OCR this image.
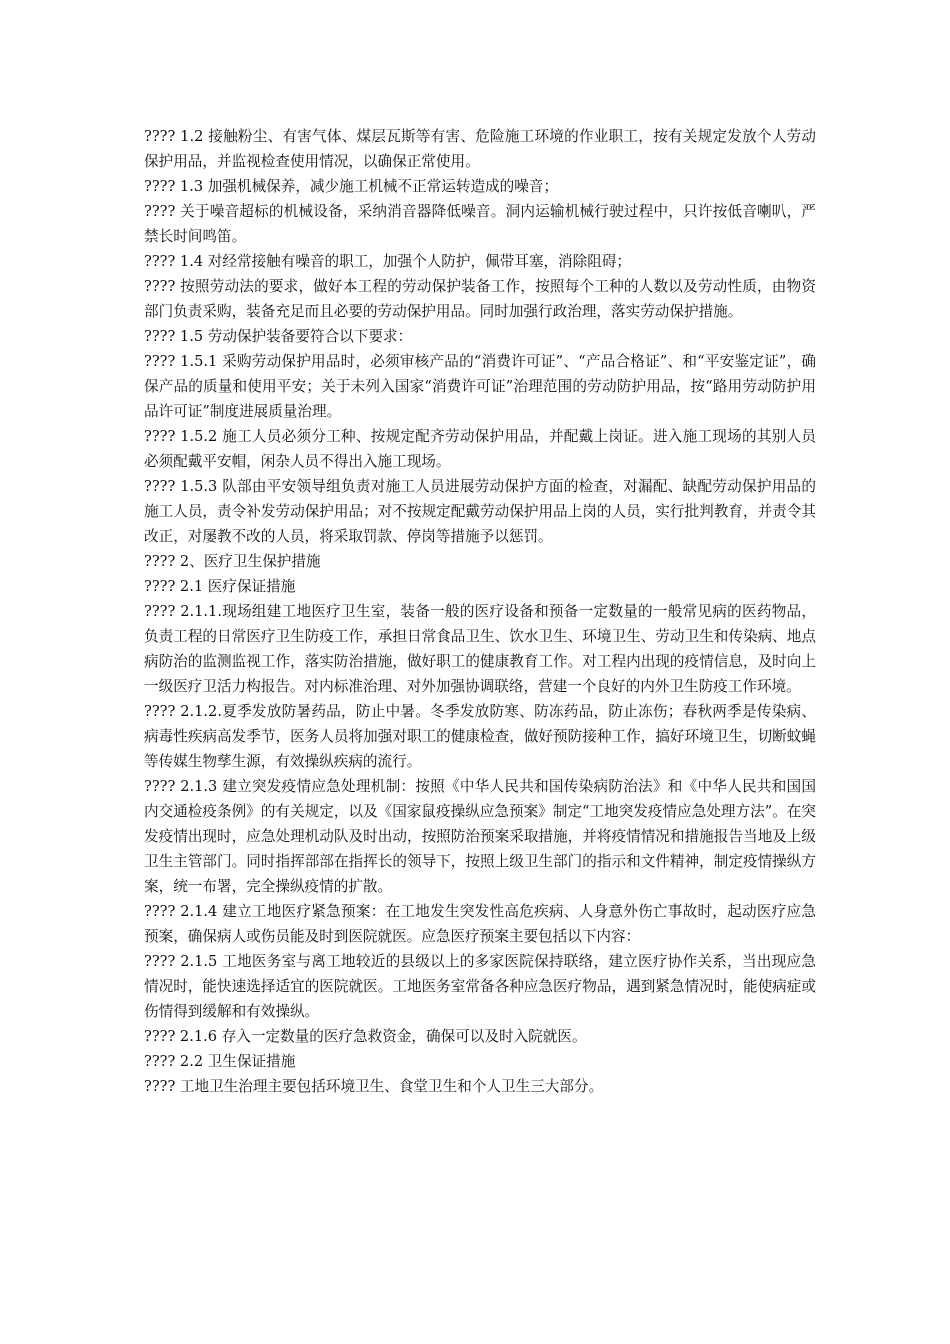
???? 1.2 接触粉尘、有害气体、煤层瓦斯等有害、危险施工环境的作业职工，按有关规定发放个人劳动保护用品，并监视检查使用情况，以确保正常使用。

???? 1.3 加强机械保养，减少施工机械不正常运转造成的噪音；

???? 关于噪音超标的机械设备，采纳消音器降低噪音。洞内运输机械行驶过程中，只许按低音喇叭，严禁长时间鸣笛。

???? 1.4 对经常接触有噪音的职工，加强个人防护，佩带耳塞，消除阻碍；

???? 按照劳动法的要求，做好本工程的劳动保护装备工作，按照每个工种的人数以及劳动性质，由物资部门负责采购，装备充足而且必要的劳动保护用品。同时加强行政治理，落实劳动保护措施。

???? 1.5 劳动保护装备要符合以下要求：

???? 1.5.1 采购劳动保护用品时，必须审核产品的“消费许可证”、“产品合格证”、和“平安鉴定证”，确保产品的质量和使用平安；关于未列入国家“消费许可证”治理范围的劳动防护用品，按“路用劳动防护用品许可证”制度进展质量治理。

???? 1.5.2 施工人员必须分工种、按规定配齐劳动保护用品，并配戴上岗证。进入施工现场的其别人员必须配戴平安帽，闲杂人员不得出入施工现场。

???? 1.5.3 队部由平安领导组负责对施工人员进展劳动保护方面的检查，对漏配、缺配劳动保护用品的施工人员，责令补发劳动保护用品；对不按规定配戴劳动保护用品上岗的人员，实行批判教育，并责令其改正，对屡教不改的人员，将采取罚款、停岗等措施予以惩罚。

???? 2、医疗卫生保护措施

???? 2.1 医疗保证措施

???? 2.1.1.现场组建工地医疗卫生室，装备一般的医疗设备和预备一定数量的一般常见病的医药物品，负责工程的日常医疗卫生防疫工作，承担日常食品卫生、饮水卫生、环境卫生、劳动卫生和传染病、地点病防治的监测监视工作，落实防治措施，做好职工的健康教育工作。对工程内出现的疫情信息，及时向上一级医疗卫活力构报告。对内标准治理、对外加强协调联络，营建一个良好的内外卫生防疫工作环境。

???? 2.1.2.夏季发放防暑药品，防止中暑。冬季发放防寒、防冻药品，防止冻伤；春秋两季是传染病、病毒性疾病高发季节，医务人员将加强对职工的健康检查，做好预防接种工作，搞好环境卫生，切断蚊蝇等传媒生物孳生源，有效操纵疾病的流行。

???? 2.1.3 建立突发疫情应急处理机制：按照《中华人民共和国传染病防治法》和《中华人民共和国国内交通检疫条例》的有关规定，以及《国家鼠疫操纵应急预案》制定“工地突发疫情应急处理方法”。在突发疫情出现时，应急处理机动队及时出动，按照防治预案采取措施，并将疫情情况和措施报告当地及上级卫生主管部门。同时指挥部部在指挥长的领导下，按照上级卫生部门的指示和文件精神，制定疫情操纵方案，统一布署，完全操纵疫情的扩散。

???? 2.1.4 建立工地医疗紧急预案：在工地发生突发性高危疾病、人身意外伤亡事故时，起动医疗应急预案，确保病人或伤员能及时到医院就医。应急医疗预案主要包括以下内容：

???? 2.1.5 工地医务室与离工地较近的县级以上的多家医院保持联络，建立医疗协作关系，当出现应急情况时，能快速选择适宜的医院就医。工地医务室常备各种应急医疗物品，遇到紧急情况时，能使病症或伤情得到缓解和有效操纵。

???? 2.1.6 存入一定数量的医疗急救资金，确保可以及时入院就医。

???? 2.2 卫生保证措施

???? 工地卫生治理主要包括环境卫生、食堂卫生和个人卫生三大部分。
